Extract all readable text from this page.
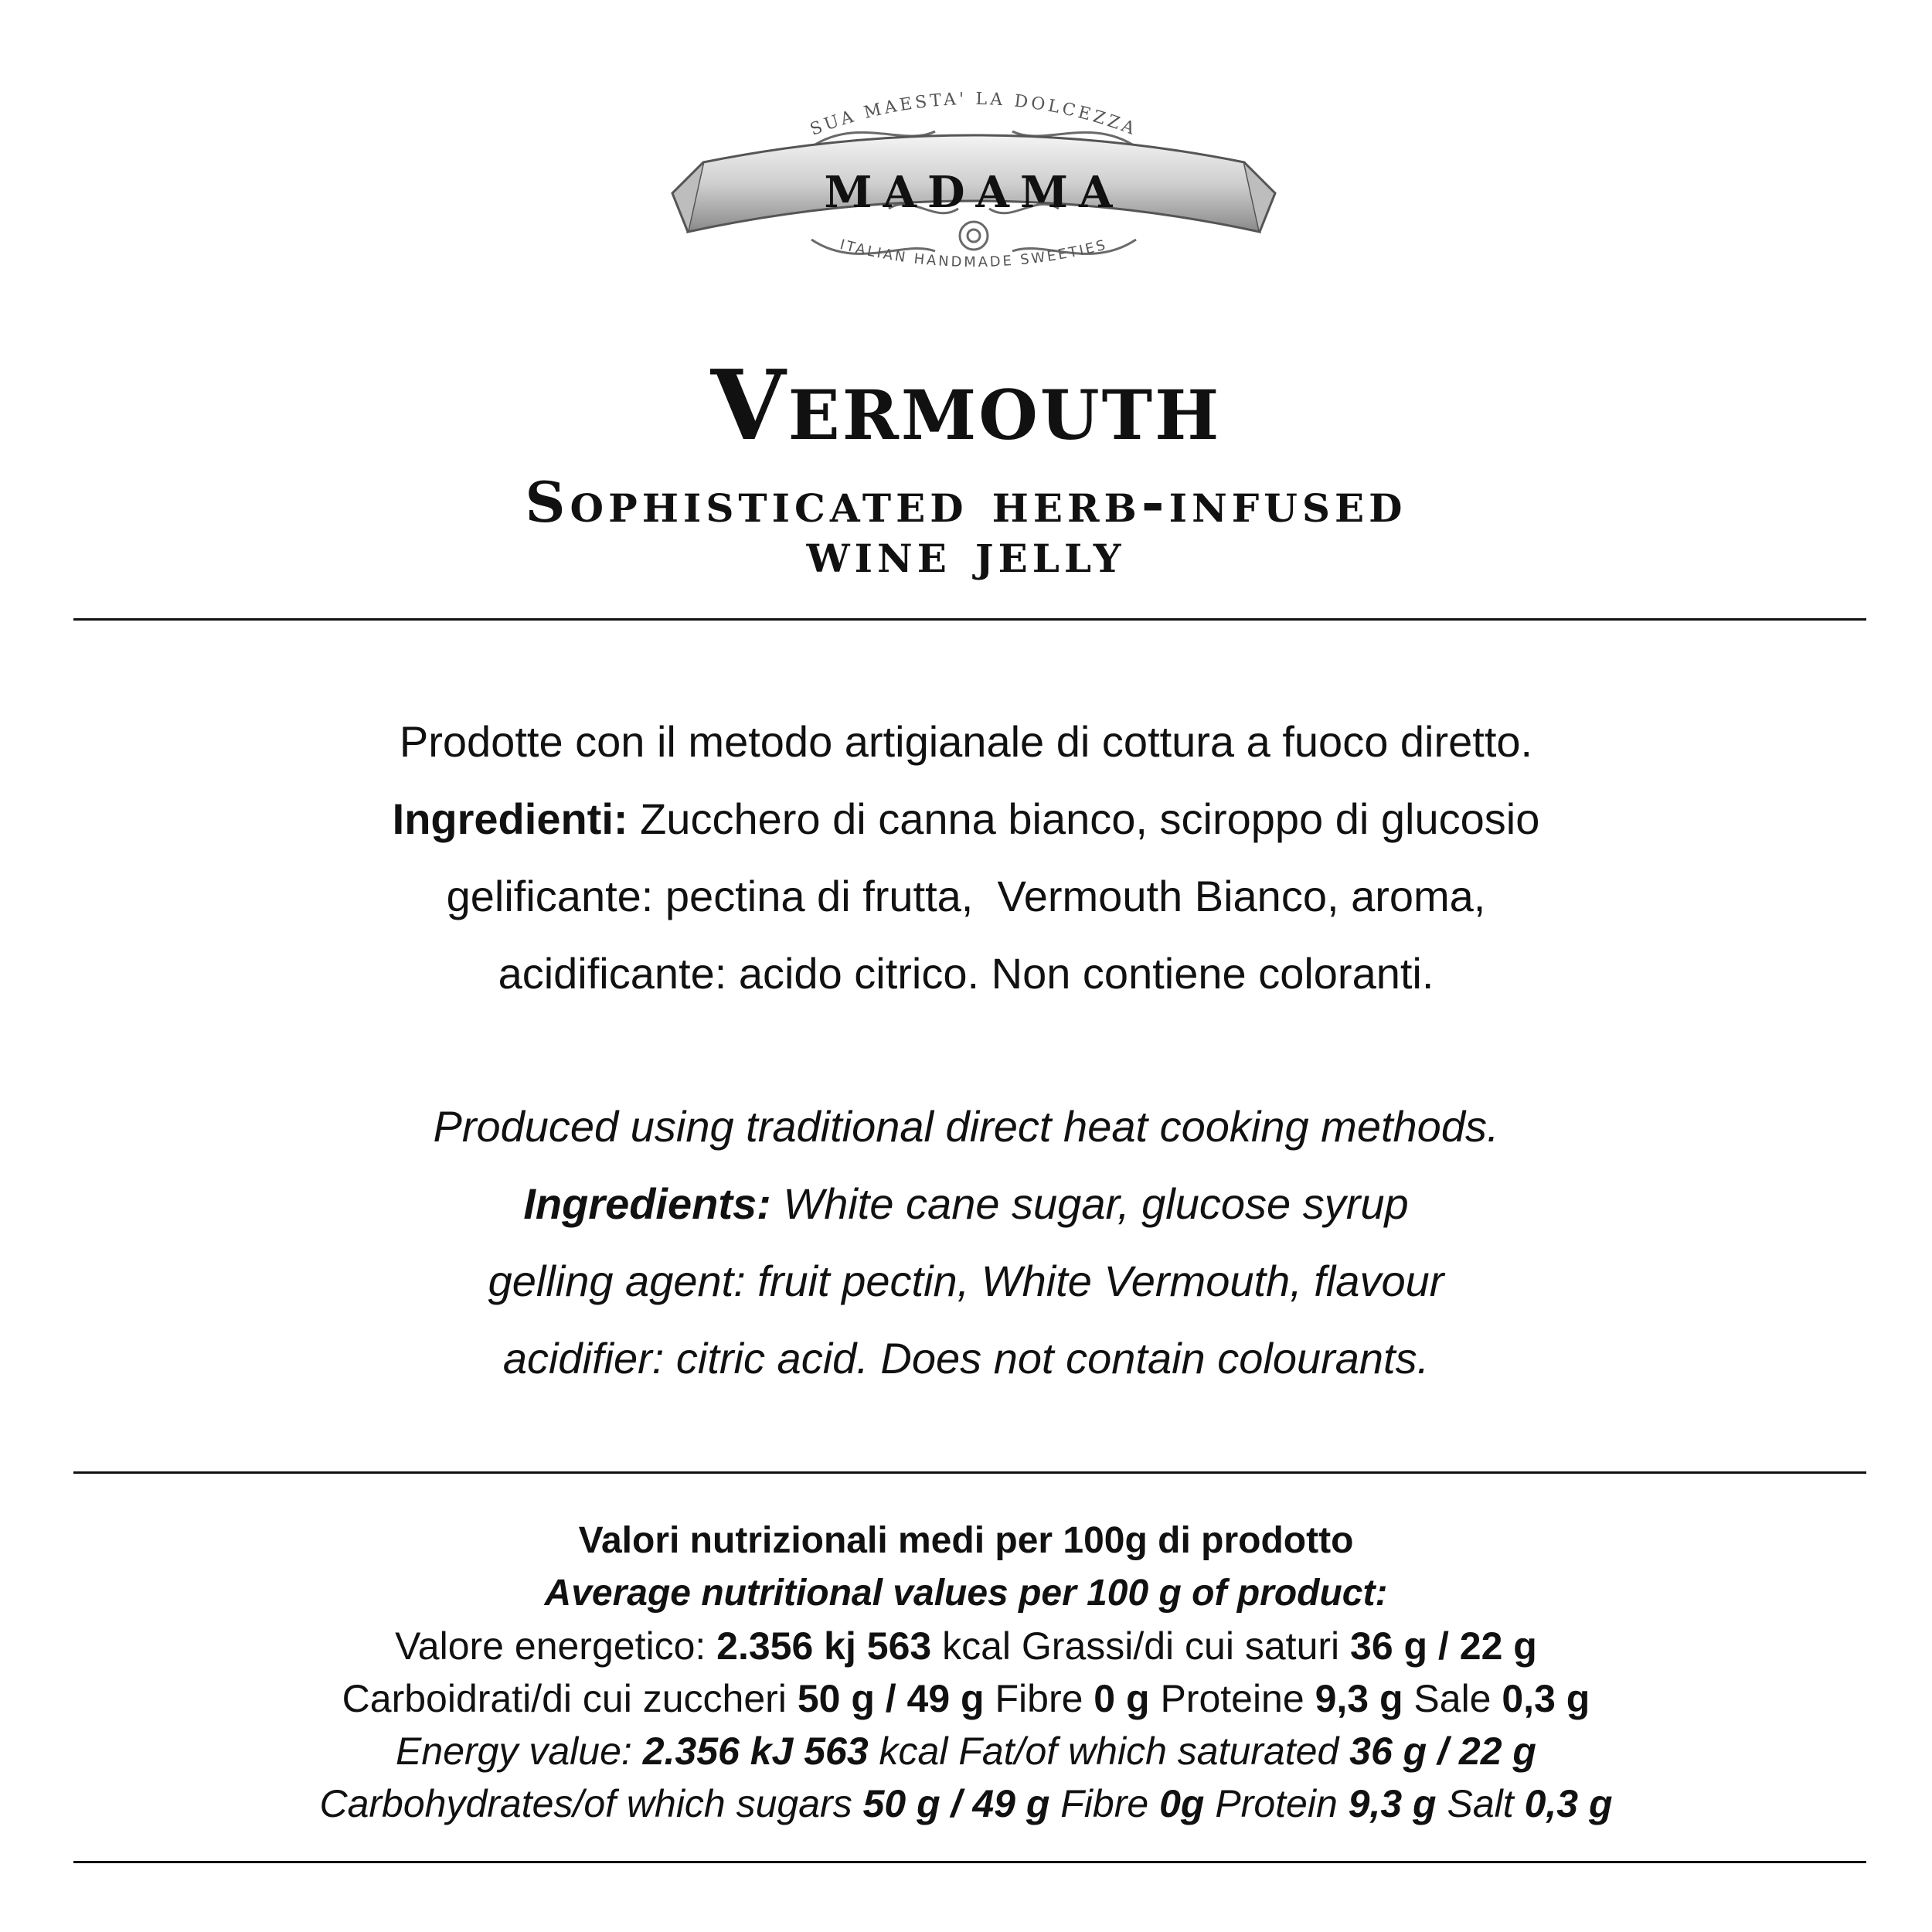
SUA MAESTA' LA DOLCEZZA
MADAMA
ITALIAN HANDMADE SWEETIES
Vermouth
Sophisticated herb-infused
wine jelly
Prodotte con il metodo artigianale di cottura a fuoco diretto.
Ingredienti: Zucchero di canna bianco, sciroppo di glucosio
gelificante: pectina di frutta,  Vermouth Bianco, aroma,
acidificante: acido citrico. Non contiene coloranti.
Produced using traditional direct heat cooking methods.
Ingredients: White cane sugar, glucose syrup
gelling agent: fruit pectin, White Vermouth, flavour
acidifier: citric acid. Does not contain colourants.
Valori nutrizionali medi per 100g di prodotto
Average nutritional values per 100 g of product:
Valore energetico: 2.356 kj 563 kcal Grassi/di cui saturi 36 g / 22 g
Carboidrati/di cui zuccheri 50 g / 49 g Fibre 0 g Proteine 9,3 g Sale 0,3 g
Energy value: 2.356 kJ 563 kcal Fat/of which saturated 36 g / 22 g
Carbohydrates/of which sugars 50 g / 49 g Fibre 0g Protein 9,3 g Salt 0,3 g
